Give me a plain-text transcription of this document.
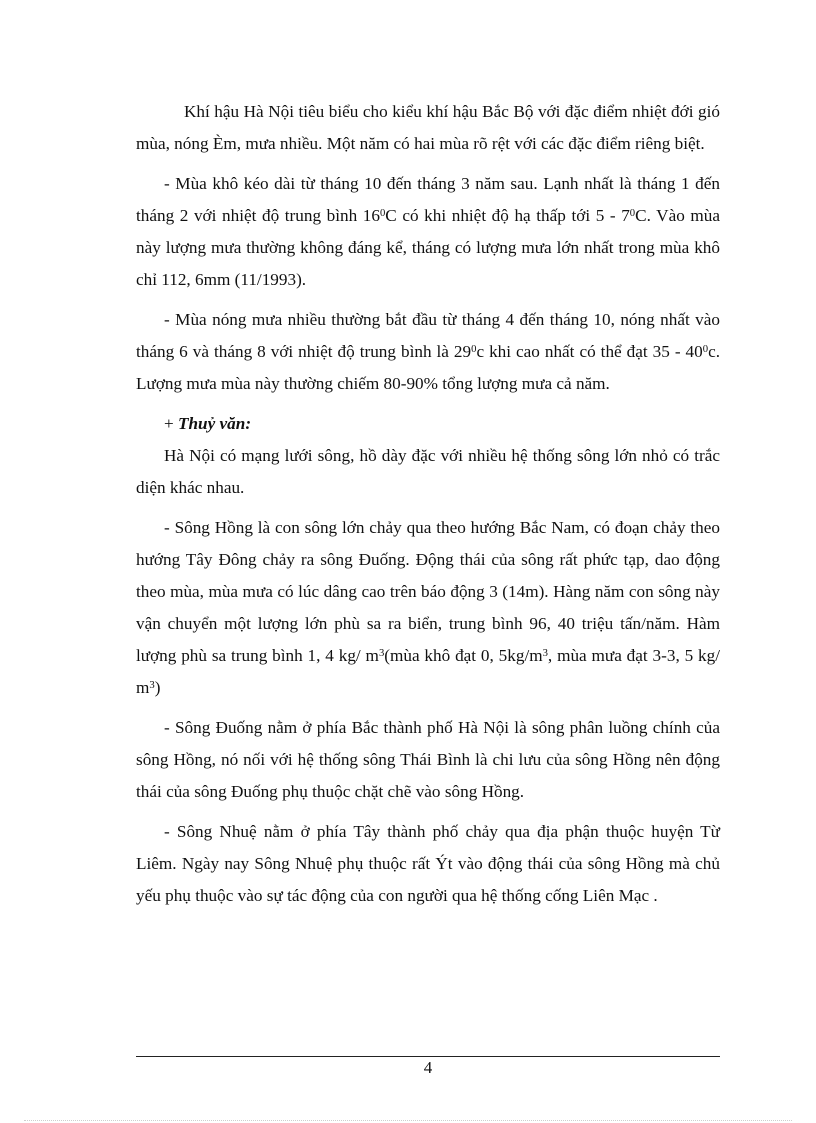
Khí hậu Hà Nội tiêu biểu cho kiểu khí hậu Bắc Bộ với đặc điểm nhiệt đới gió mùa, nóng Èm, mưa nhiều. Một năm có hai mùa rõ rệt với các đặc điểm riêng biệt.

- Mùa khô kéo dài từ tháng 10 đến tháng 3 năm sau. Lạnh nhất là tháng 1 đến tháng 2 với nhiệt độ trung bình $16^0C$ có khi nhiệt độ hạ thấp tới $5 - 7^0C$. Vào mùa này lượng mưa thường không đáng kể, tháng có lượng mưa lớn nhất trong mùa khô chỉ 112, 6mm (11/1993).

- Mùa nóng mưa nhiều thường bắt đầu từ tháng 4 đến tháng 10, nóng nhất vào tháng 6 và tháng 8 với nhiệt độ trung bình là $29^0c$ khi cao nhất có thể đạt $35 - 40^0c$. Lượng mưa mùa này thường chiếm 80-90% tổng lượng mưa cả năm.

+ Thuỷ văn:

Hà Nội có mạng lưới sông, hồ dày đặc với nhiều hệ thống sông lớn nhỏ có trắc diện khác nhau.

- Sông Hồng là con sông lớn chảy qua theo hướng Bắc Nam, có đoạn chảy theo hướng Tây Đông chảy ra sông Đuống. Động thái của sông rất phức tạp, dao động theo mùa, mùa mưa có lúc dâng cao trên báo động 3 (14m). Hàng năm con sông này vận chuyển một lượng lớn phù sa ra biển, trung bình 96, 40 triệu tấn/năm. Hàm lượng phù sa trung bình 1, 4 kg/ $m^3(mùa$ khô đạt 0, $5kg/m^3$, mùa mưa đạt 3-3, 5 kg/ $m^3$)

- Sông Đuống nằm ở phía Bắc thành phố Hà Nội là sông phân luồng chính của sông Hồng, nó nối với hệ thống sông Thái Bình là chi lưu của sông Hồng nên động thái của sông Đuống phụ thuộc chặt chẽ vào sông Hồng.

- Sông Nhuệ nằm ở phía Tây thành phố chảy qua địa phận thuộc huyện Từ Liêm. Ngày nay Sông Nhuệ phụ thuộc rất Ýt vào động thái của sông Hồng mà chủ yếu phụ thuộc vào sự tác động của con người qua hệ thống cống Liên Mạc .

4
